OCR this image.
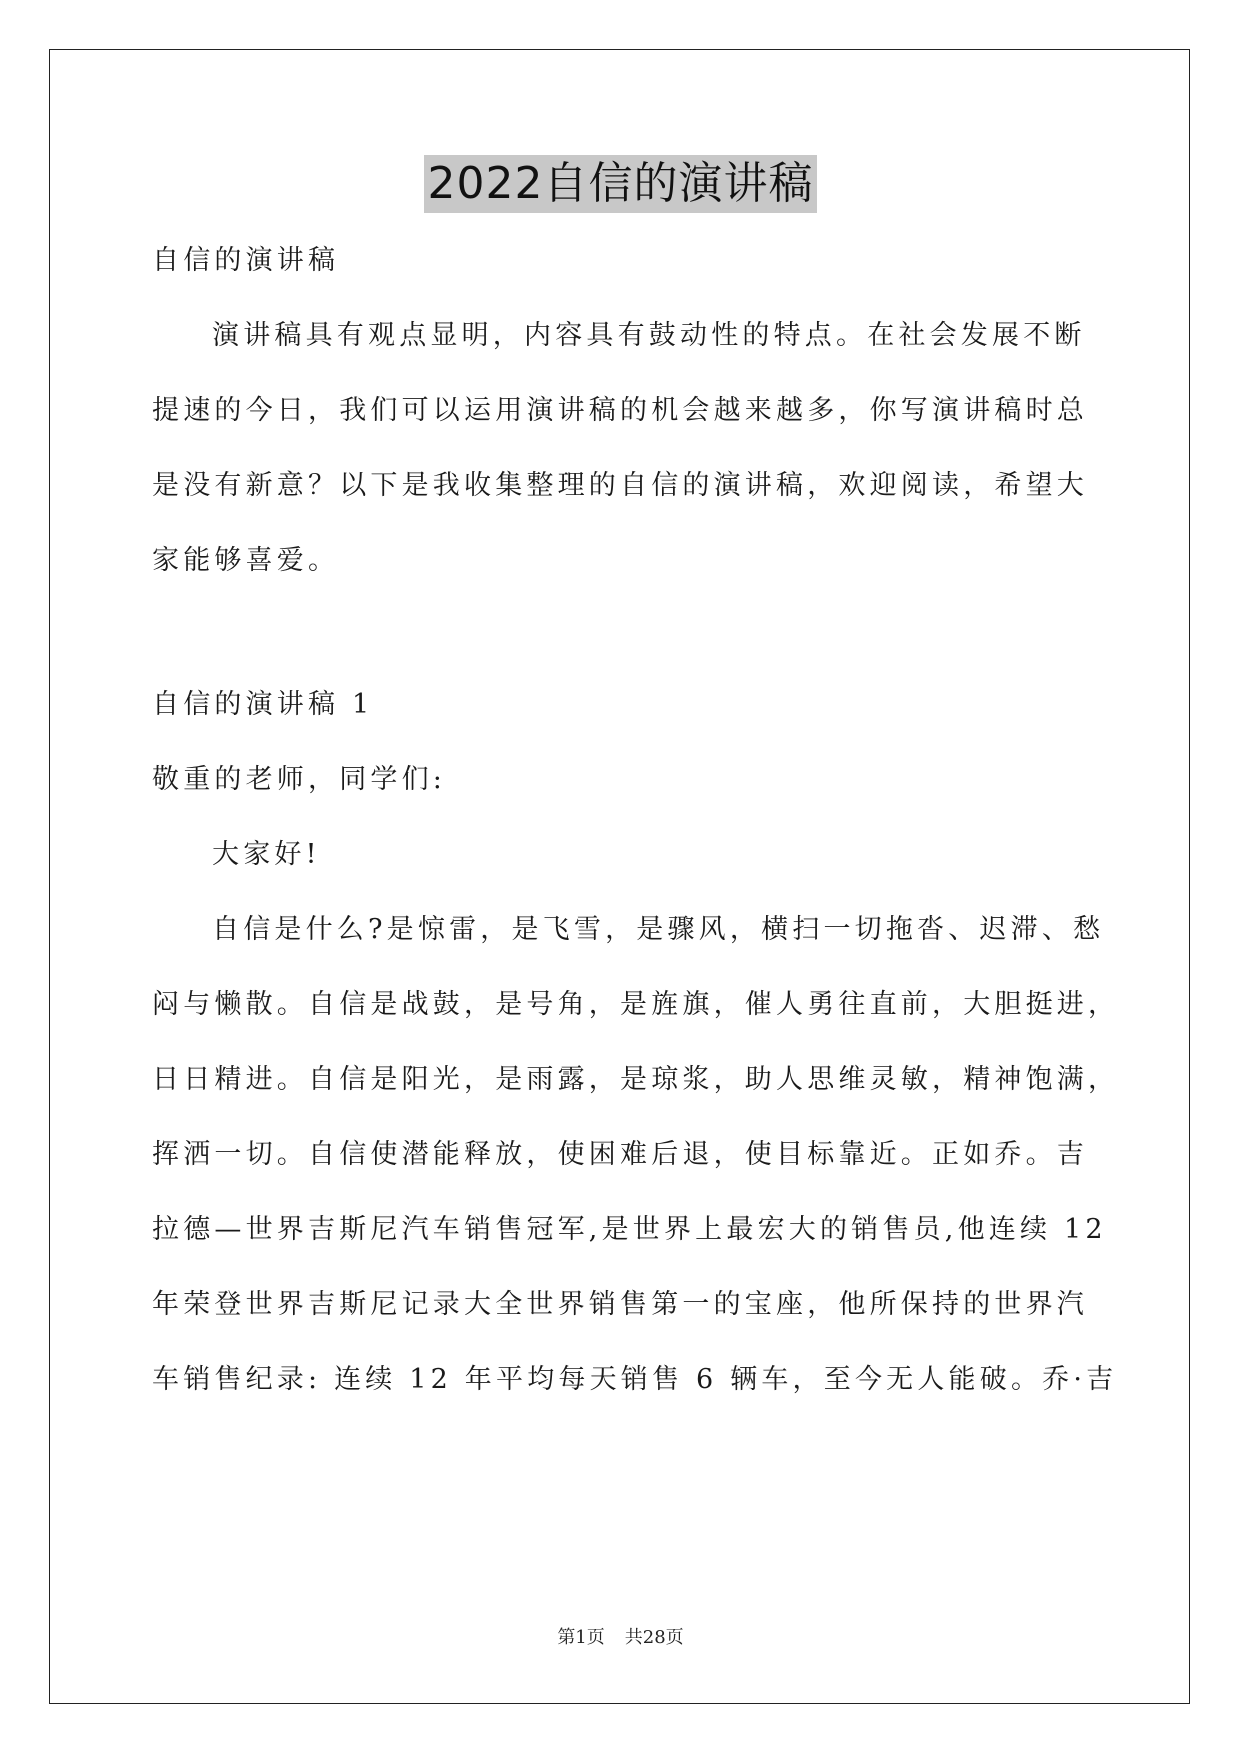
2022自信的演讲稿
自信的演讲稿
演讲稿具有观点显明，内容具有鼓动性的特点。在社会发展不断
提速的今日，我们可以运用演讲稿的机会越来越多，你写演讲稿时总
是没有新意？以下是我收集整理的自信的演讲稿，欢迎阅读，希望大
家能够喜爱。
自信的演讲稿 1
敬重的老师，同学们:
大家好!
自信是什么?是惊雷，是飞雪，是骤风，横扫一切拖沓、迟滞、愁
闷与懒散。自信是战鼓，是号角，是旌旗，催人勇往直前，大胆挺进，
日日精进。自信是阳光，是雨露，是琼浆，助人思维灵敏，精神饱满，
挥洒一切。自信使潜能释放，使困难后退，使目标靠近。正如乔。吉
拉德—世界吉斯尼汽车销售冠军,是世界上最宏大的销售员,他连续 12
年荣登世界吉斯尼记录大全世界销售第一的宝座，他所保持的世界汽
车销售纪录: 连续 12 年平均每天销售 6 辆车，至今无人能破。乔·吉
第1页 共28页
